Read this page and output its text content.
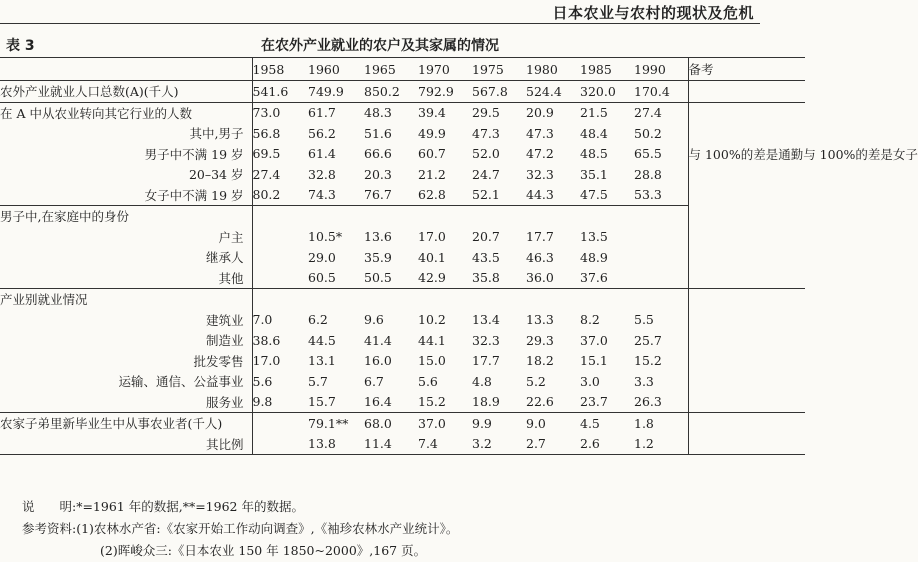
日本农业与农村的现状及危机
表 3	在农外产业就业的农户及其家属的情况
	1958	1960	1965	1970	1975	1980	1985	1990	备考
农外产业就业人口总数(A)(千人)	541.6	749.9	850.2	792.9	567.8	524.4	320.0	170.4	
在 A 中从农业转向其它行业的人数	73.0	61.7	48.3	39.4	29.5	20.9	21.5	27.4	与 100%的差是通勤与 100%的差是女子
其中,男子	56.8	56.2	51.6	49.9	47.3	47.3	48.4	50.2	
男子中不满 19 岁	69.5	61.4	66.6	60.7	52.0	47.2	48.5	65.5	
20–34 岁	27.4	32.8	20.3	21.2	24.7	32.3	35.1	28.8	
女子中不满 19 岁	80.2	74.3	76.7	62.8	52.1	44.3	47.5	53.3	
男子中,在家庭中的身份									
户主		10.5*	13.6	17.0	20.7	17.7	13.5		
继承人		29.0	35.9	40.1	43.5	46.3	48.9		
其他		60.5	50.5	42.9	35.8	36.0	37.6		
产业别就业情况									
建筑业	7.0	6.2	9.6	10.2	13.4	13.3	8.2	5.5	
制造业	38.6	44.5	41.4	44.1	32.3	29.3	37.0	25.7	
批发零售	17.0	13.1	16.0	15.0	17.7	18.2	15.1	15.2	
运输、通信、公益事业	5.6	5.7	6.7	5.6	4.8	5.2	3.0	3.3	
服务业	9.8	15.7	16.4	15.2	18.9	22.6	23.7	26.3	
农家子弟里新毕业生中从事农业者(千人)		79.1**	68.0	37.0	9.9	9.0	4.5	1.8	
其比例		13.8	11.4	7.4	3.2	2.7	2.6	1.2	
说　　明:*=1961 年的数据,**=1962 年的数据。
参考资料:(1)农林水产省:《农家开始工作动向调查》,《袖珍农林水产业统计》。
(2)晖峻众三:《日本农业 150 年 1850~2000》,167 页。
